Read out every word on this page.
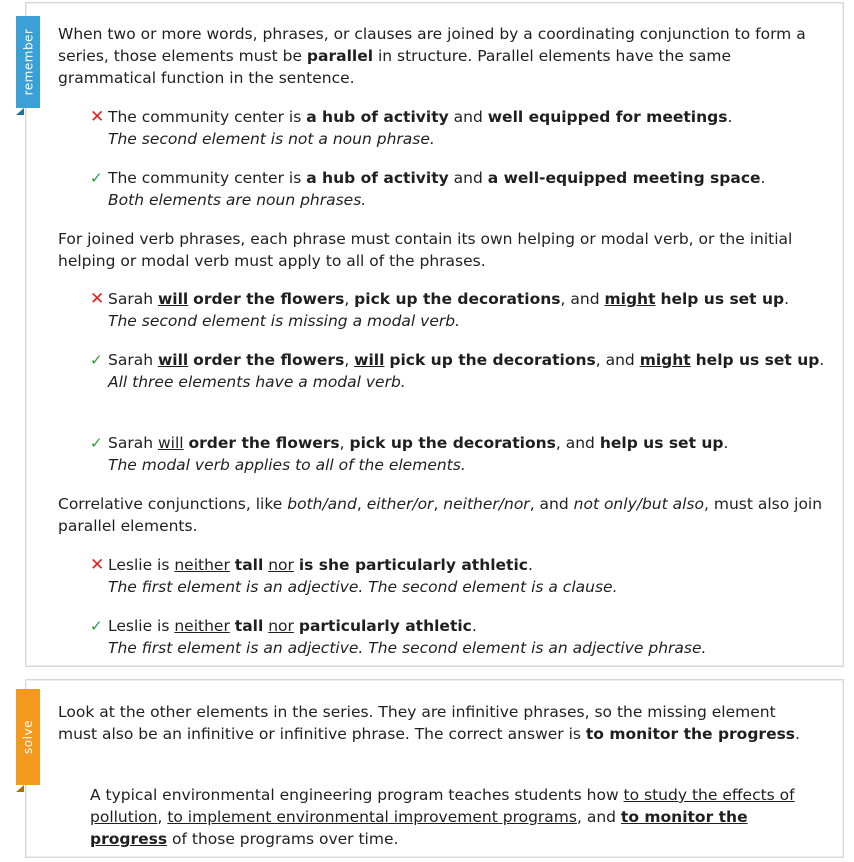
remember
solve

When two or more words, phrases, or clauses are joined by a coordinating conjunction to form a series, those elements must be parallel in structure. Parallel elements have the same grammatical function in the sentence.

✕ The community center is a hub of activity and well equipped for meetings.
The second element is not a noun phrase.
✓ The community center is a hub of activity and a well-equipped meeting space.
Both elements are noun phrases.

For joined verb phrases, each phrase must contain its own helping or modal verb, or the initial helping or modal verb must apply to all of the phrases.

✕ Sarah will order the flowers, pick up the decorations, and might help us set up.
The second element is missing a modal verb.
✓ Sarah will order the flowers, will pick up the decorations, and might help us set up.
All three elements have a modal verb.
✓ Sarah will order the flowers, pick up the decorations, and help us set up.
The modal verb applies to all of the elements.

Correlative conjunctions, like both/and, either/or, neither/nor, and not only/but also, must also join parallel elements.

✕ Leslie is neither tall nor is she particularly athletic.
The first element is an adjective. The second element is a clause.
✓ Leslie is neither tall nor particularly athletic.
The first element is an adjective. The second element is an adjective phrase.

Look at the other elements in the series. They are infinitive phrases, so the missing element must also be an infinitive or infinitive phrase. The correct answer is to monitor the progress.

A typical environmental engineering program teaches students how to study the effects of pollution, to implement environmental improvement programs, and to monitor the progress of those programs over time.
